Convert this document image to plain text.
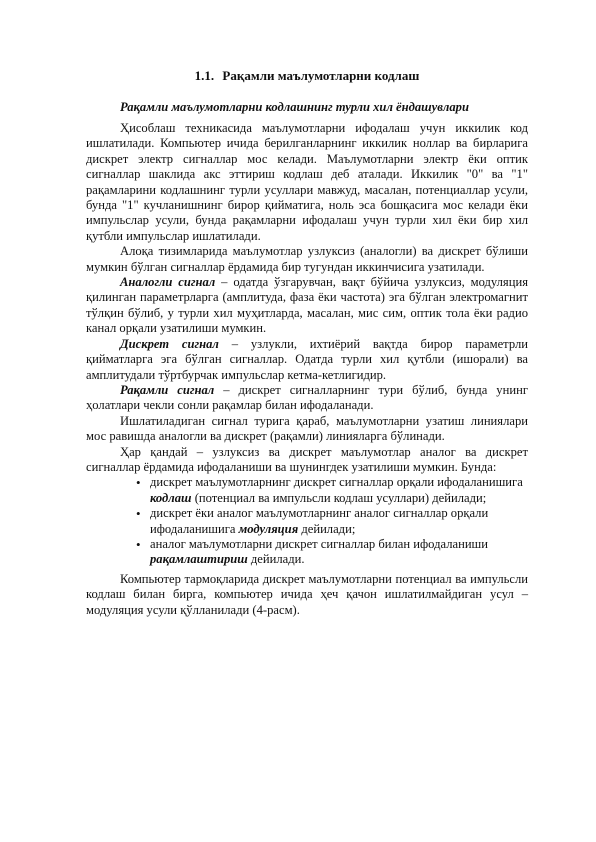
1.1. Рақамли маълумотларни кодлаш
Рақамли маълумотларни кодлашнинг турли хил ёндашувлари

Ҳисоблаш техникасида маълумотларни ифодалаш учун иккилик код ишлатилади. Компьютер ичида берилганларнинг иккилик ноллар ва бирларига дискрет электр сигналлар мос келади. Маълумотларни электр ёки оптик сигналлар шаклида акс эттириш кодлаш деб аталади. Иккилик "0" ва "1" рақамларини кодлашнинг турли усуллари мавжуд, масалан, потенциаллар усули, бунда "1" кучланишнинг бирор қийматига, ноль эса бошқасига мос келади ёки импульслар усули, бунда рақамларни ифодалаш учун турли хил ёки бир хил қутбли импульслар ишлатилади.

Алоқа тизимларида маълумотлар узлуксиз (аналогли) ва дискрет бўлиши мумкин бўлган сигналлар ёрдамида бир тугундан иккинчисига узатилади.

Аналогли сигнал – одатда ўзгарувчан, вақт бўйича узлуксиз, модуляция қилинган параметрларга (амплитуда, фаза ёки частота) эга бўлган электромагнит тўлқин бўлиб, у турли хил муҳитларда, масалан, мис сим, оптик тола ёки радио канал орқали узатилиши мумкин.

Дискрет сигнал – узлукли, ихтиёрий вақтда бирор параметрли қийматларга эга бўлган сигналлар. Одатда турли хил қутбли (ишорали) ва амплитудали тўртбурчак импульслар кетма-кетлигидир.

Рақамли сигнал – дискрет сигналларнинг тури бўлиб, бунда унинг ҳолатлари чекли сонли рақамлар билан ифодаланади.

Ишлатиладиган сигнал турига қараб, маълумотларни узатиш линиялари мос равишда аналогли ва дискрет (рақамли) линияларга бўлинади.

Ҳар қандай – узлуксиз ва дискрет маълумотлар аналог ва дискрет сигналлар ёрдамида ифодаланиши ва шунингдек узатилиши мумкин. Бунда:

• дискрет маълумотларнинг дискрет сигналлар орқали ифодаланишига кодлаш (потенциал ва импульсли кодлаш усуллари) дейилади;
• дискрет ёки аналог маълумотларнинг аналог сигналлар орқали ифодаланишига модуляция дейилади;
• аналог маълумотларни дискрет сигналлар билан ифодаланиши рақамлаштириш дейилади.

Компьютер тармоқларида дискрет маълумотларни потенциал ва импульсли кодлаш билан бирга, компьютер ичида ҳеч қачон ишлатилмайдиган усул – модуляция усули қўлланилади (4-расм).
